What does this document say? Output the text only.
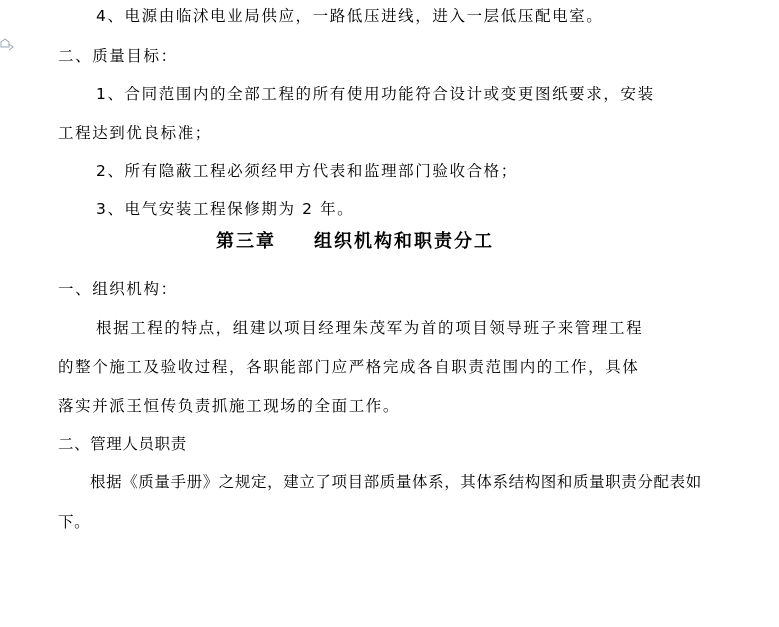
4、电源由临沭电业局供应，一路低压进线，进入一层低压配电室。
二、质量目标：
1、合同范围内的全部工程的所有使用功能符合设计或变更图纸要求，安装
工程达到优良标准；
2、所有隐蔽工程必须经甲方代表和监理部门验收合格；
3、电气安装工程保修期为 2 年。
第三章 组织机构和职责分工
一、组织机构：
根据工程的特点，组建以项目经理朱茂军为首的项目领导班子来管理工程
的整个施工及验收过程，各职能部门应严格完成各自职责范围内的工作，具体
落实并派王恒传负责抓施工现场的全面工作。
二、管理人员职责
根据《质量手册》之规定，建立了项目部质量体系，其体系结构图和质量职责分配表如
下。
